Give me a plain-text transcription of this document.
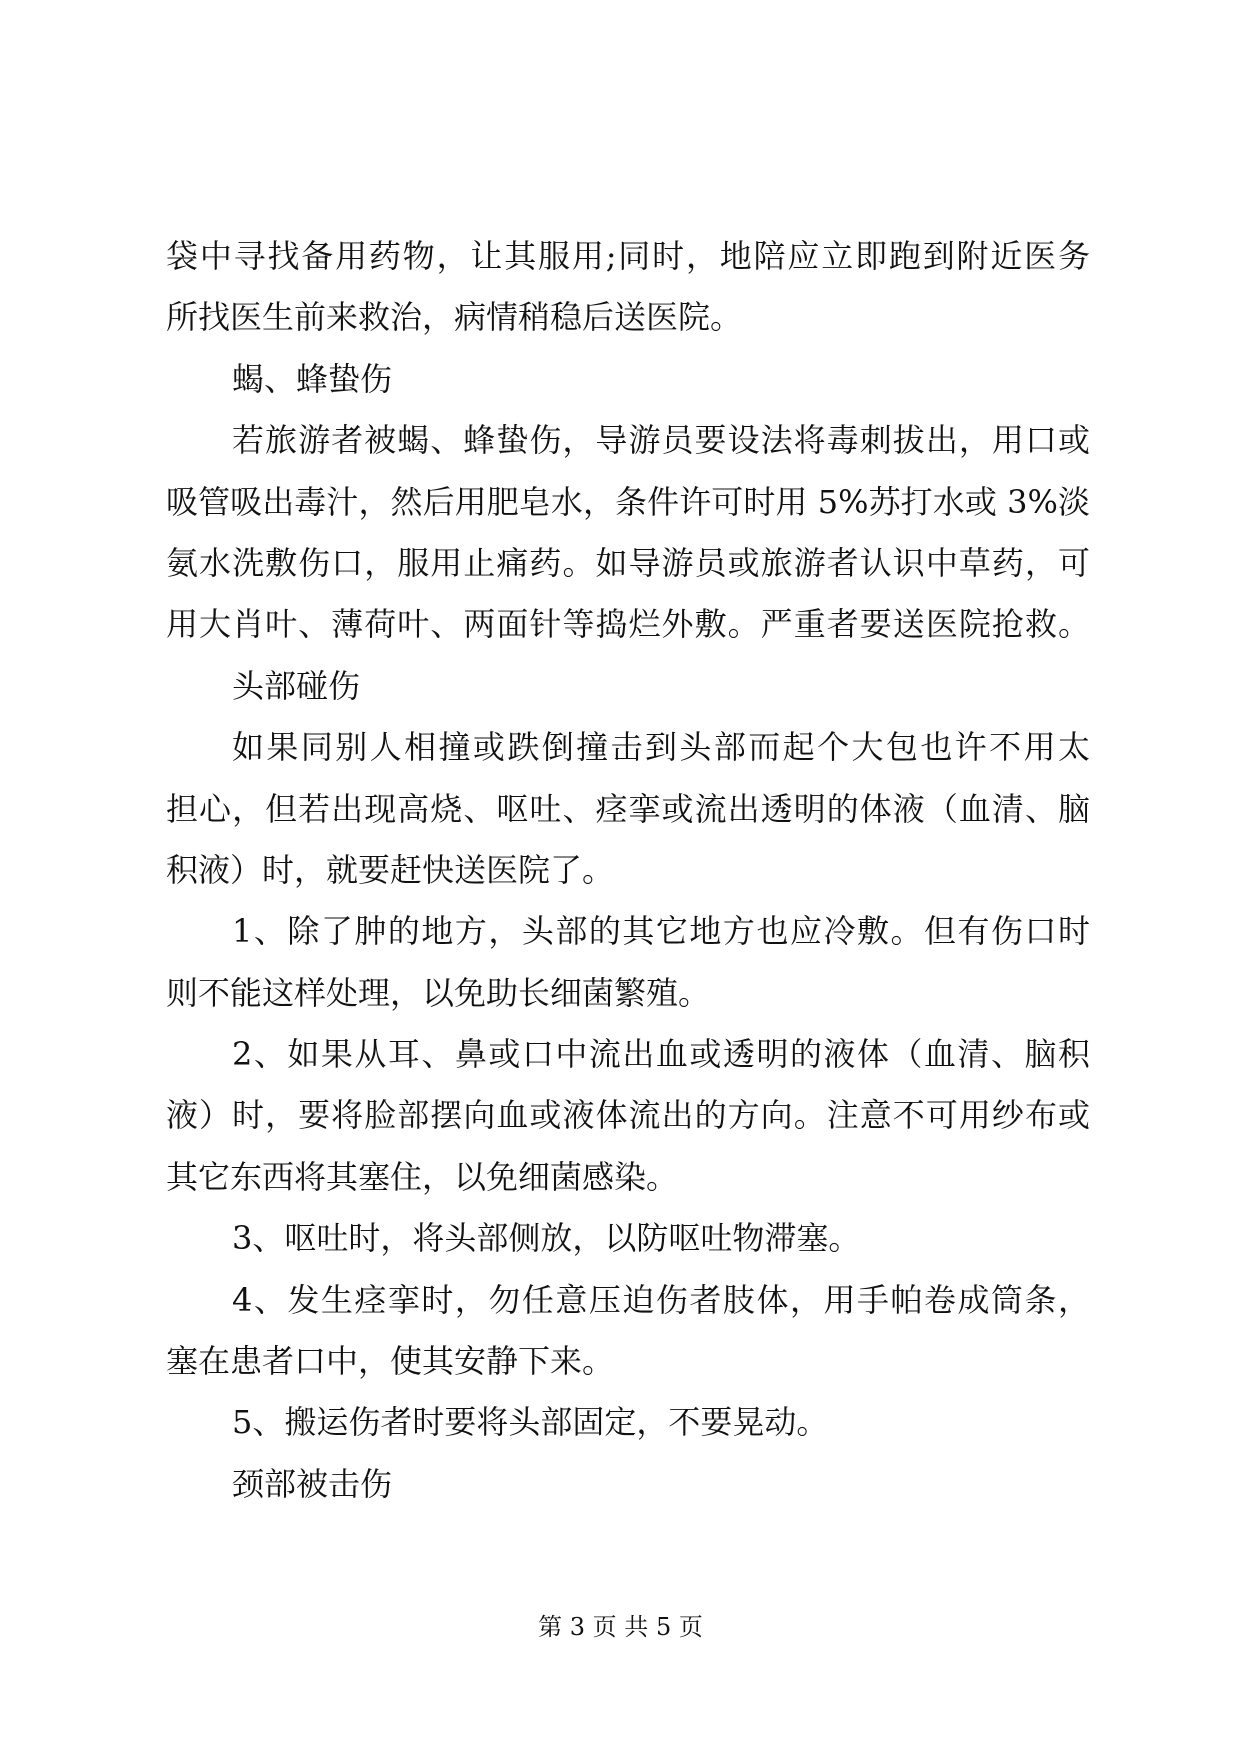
袋中寻找备用药物，让其服用;同时，地陪应立即跑到附近医务
所找医生前来救治，病情稍稳后送医院。
蝎、蜂蛰伤
若旅游者被蝎、蜂蛰伤，导游员要设法将毒刺拔出，用口或
吸管吸出毒汁，然后用肥皂水，条件许可时用 5%苏打水或 3%淡
氨水洗敷伤口，服用止痛药。如导游员或旅游者认识中草药，可
用大肖叶、薄荷叶、两面针等捣烂外敷。严重者要送医院抢救。
头部碰伤
如果同别人相撞或跌倒撞击到头部而起个大包也许不用太
担心，但若出现高烧、呕吐、痉挛或流出透明的体液（血清、脑
积液）时，就要赶快送医院了。
1、除了肿的地方，头部的其它地方也应冷敷。但有伤口时
则不能这样处理，以免助长细菌繁殖。
2、如果从耳、鼻或口中流出血或透明的液体（血清、脑积
液）时，要将脸部摆向血或液体流出的方向。注意不可用纱布或
其它东西将其塞住，以免细菌感染。
3、呕吐时，将头部侧放，以防呕吐物滞塞。
4、发生痉挛时，勿任意压迫伤者肢体，用手帕卷成筒条，
塞在患者口中，使其安静下来。
5、搬运伤者时要将头部固定，不要晃动。
颈部被击伤
第 3 页 共 5 页
